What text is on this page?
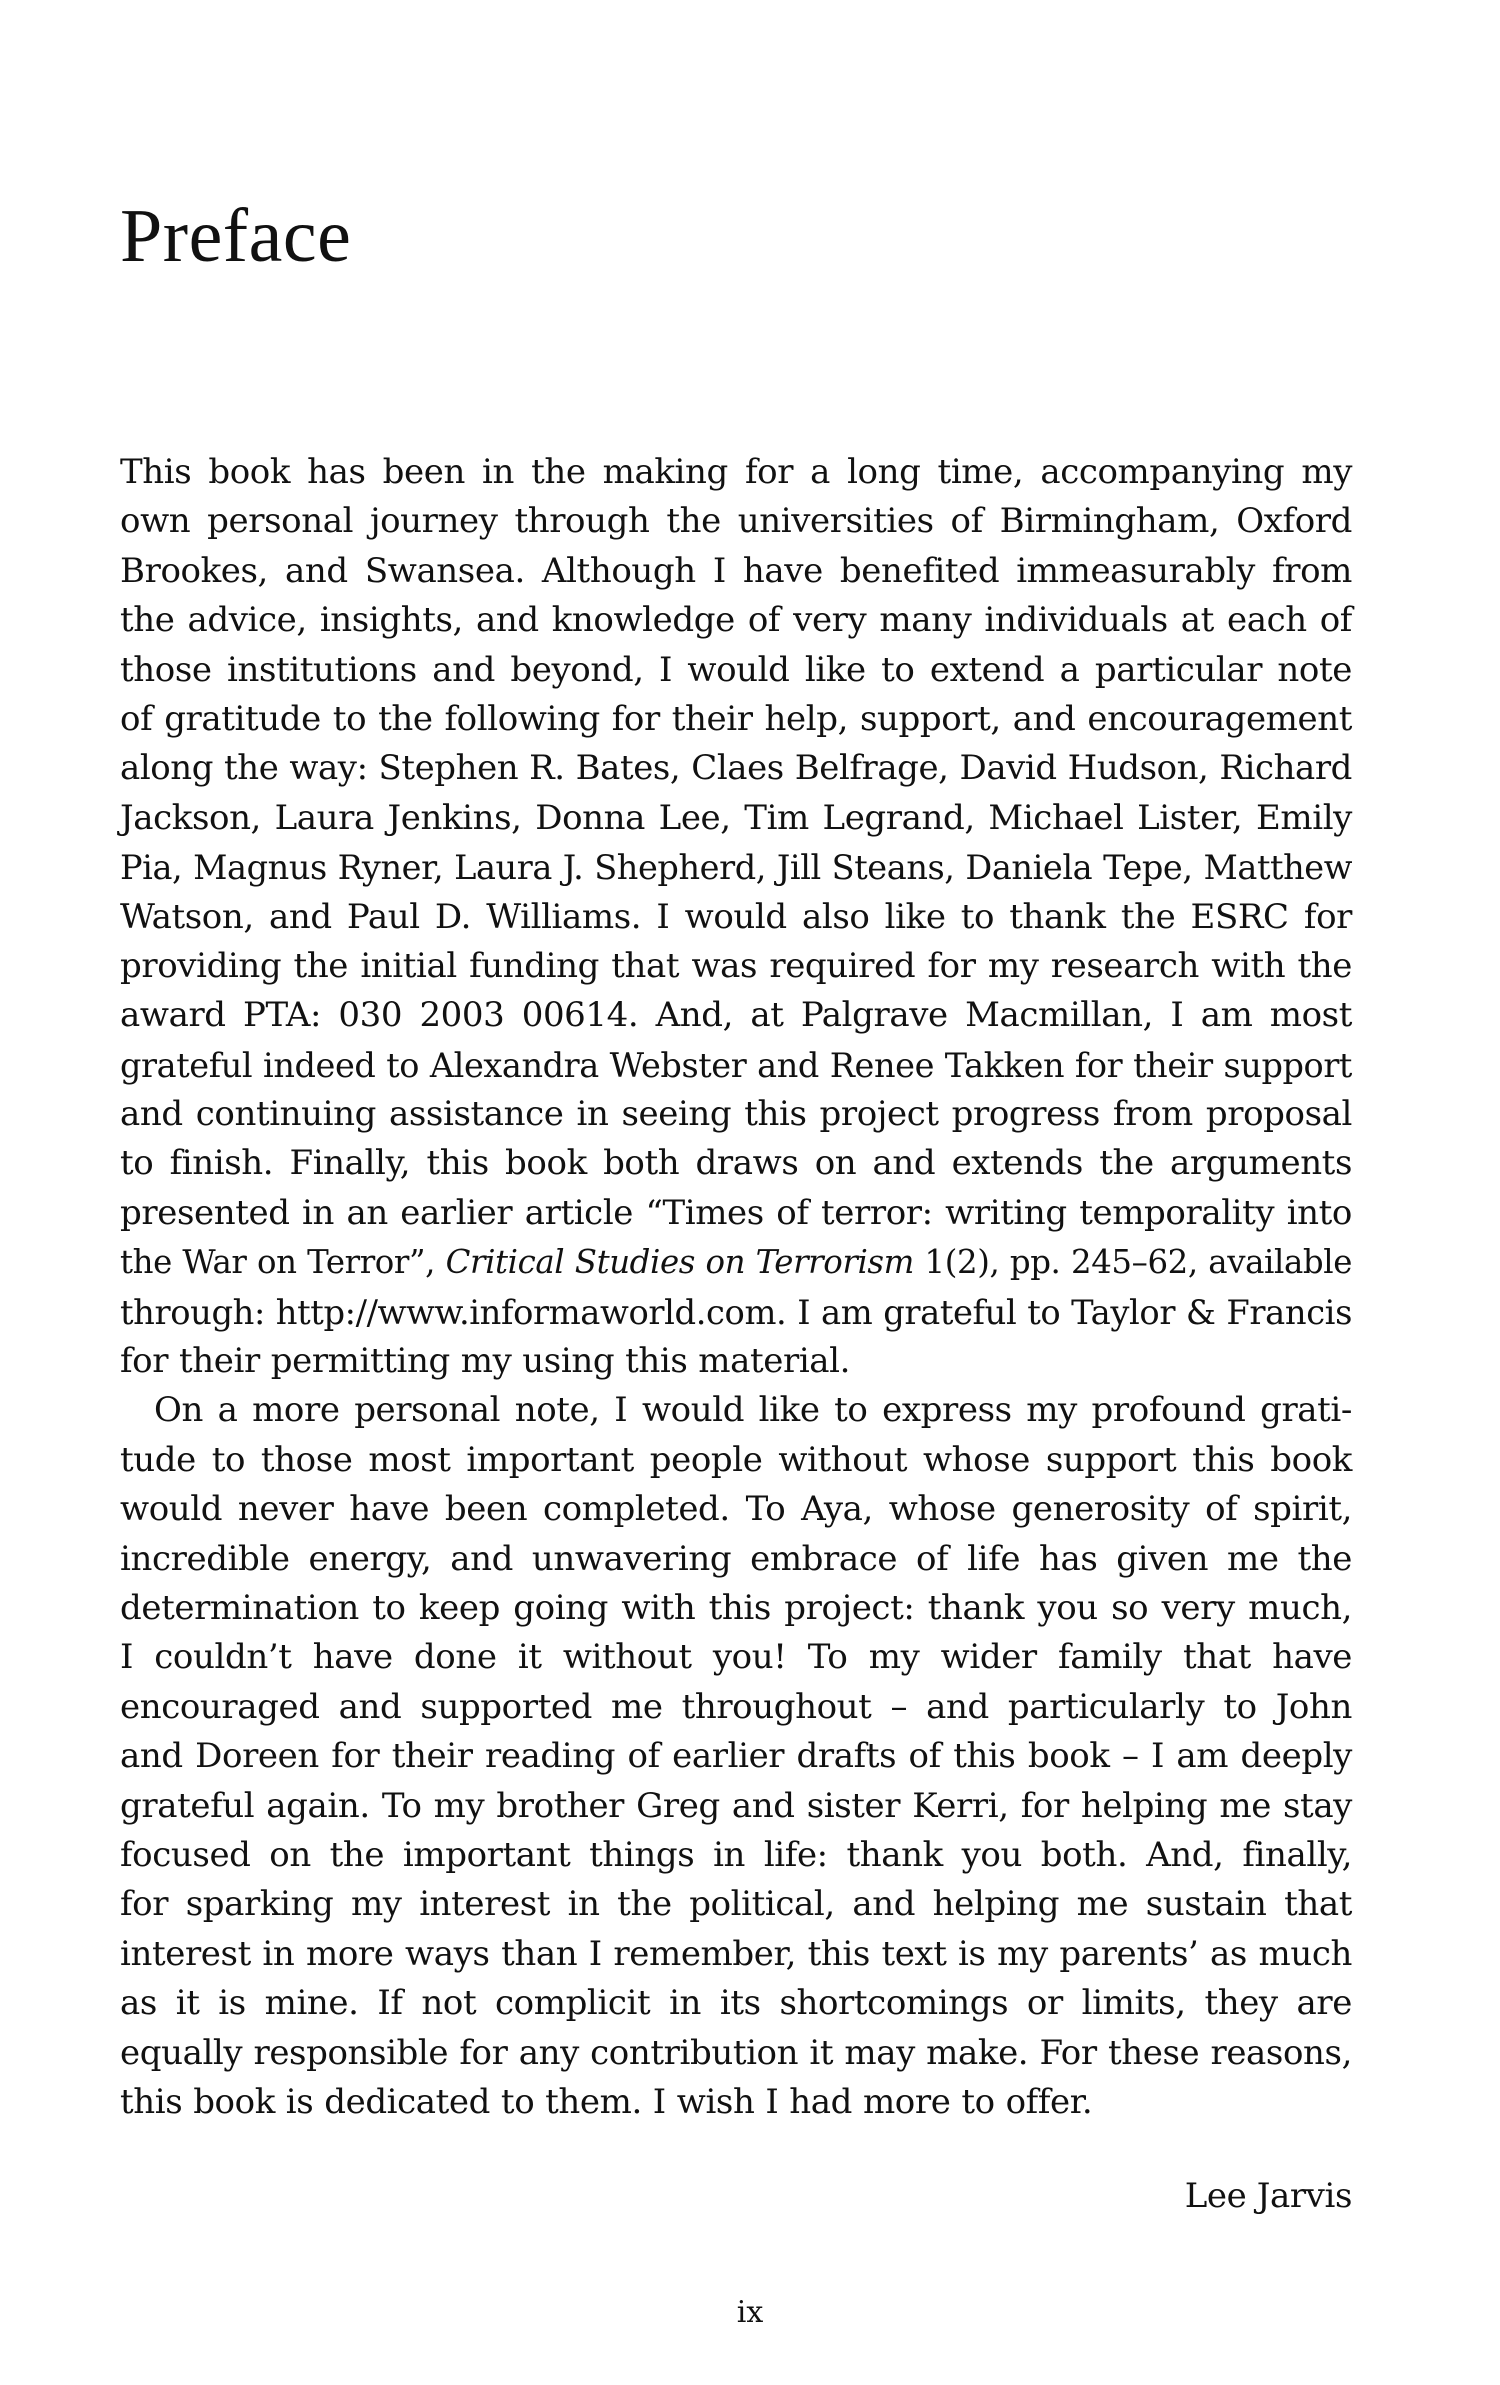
Preface
This book has been in the making for a long time, accompanying my
own personal journey through the universities of Birmingham, Oxford
Brookes, and Swansea. Although I have benefited immeasurably from
the advice, insights, and knowledge of very many individuals at each of
those institutions and beyond, I would like to extend a particular note
of gratitude to the following for their help, support, and encouragement
along the way: Stephen R. Bates, Claes Belfrage, David Hudson, Richard
Jackson, Laura Jenkins, Donna Lee, Tim Legrand, Michael Lister, Emily
Pia, Magnus Ryner, Laura J. Shepherd, Jill Steans, Daniela Tepe, Matthew
Watson, and Paul D. Williams. I would also like to thank the ESRC for
providing the initial funding that was required for my research with the
award PTA: 030 2003 00614. And, at Palgrave Macmillan, I am most
grateful indeed to Alexandra Webster and Renee Takken for their support
and continuing assistance in seeing this project progress from proposal
to finish. Finally, this book both draws on and extends the arguments
presented in an earlier article “Times of terror: writing temporality into
the War on Terror”, Critical Studies on Terrorism 1(2), pp. 245–62, available
through: http://www.informaworld.com. I am grateful to Taylor & Francis
for their permitting my using this material.
On a more personal note, I would like to express my profound grati-
tude to those most important people without whose support this book
would never have been completed. To Aya, whose generosity of spirit,
incredible energy, and unwavering embrace of life has given me the
determination to keep going with this project: thank you so very much,
I couldn’t have done it without you! To my wider family that have
encouraged and supported me throughout – and particularly to John
and Doreen for their reading of earlier drafts of this book – I am deeply
grateful again. To my brother Greg and sister Kerri, for helping me stay
focused on the important things in life: thank you both. And, finally,
for sparking my interest in the political, and helping me sustain that
interest in more ways than I remember, this text is my parents’ as much
as it is mine. If not complicit in its shortcomings or limits, they are
equally responsible for any contribution it may make. For these reasons,
this book is dedicated to them. I wish I had more to offer.

Lee Jarvis

ix
